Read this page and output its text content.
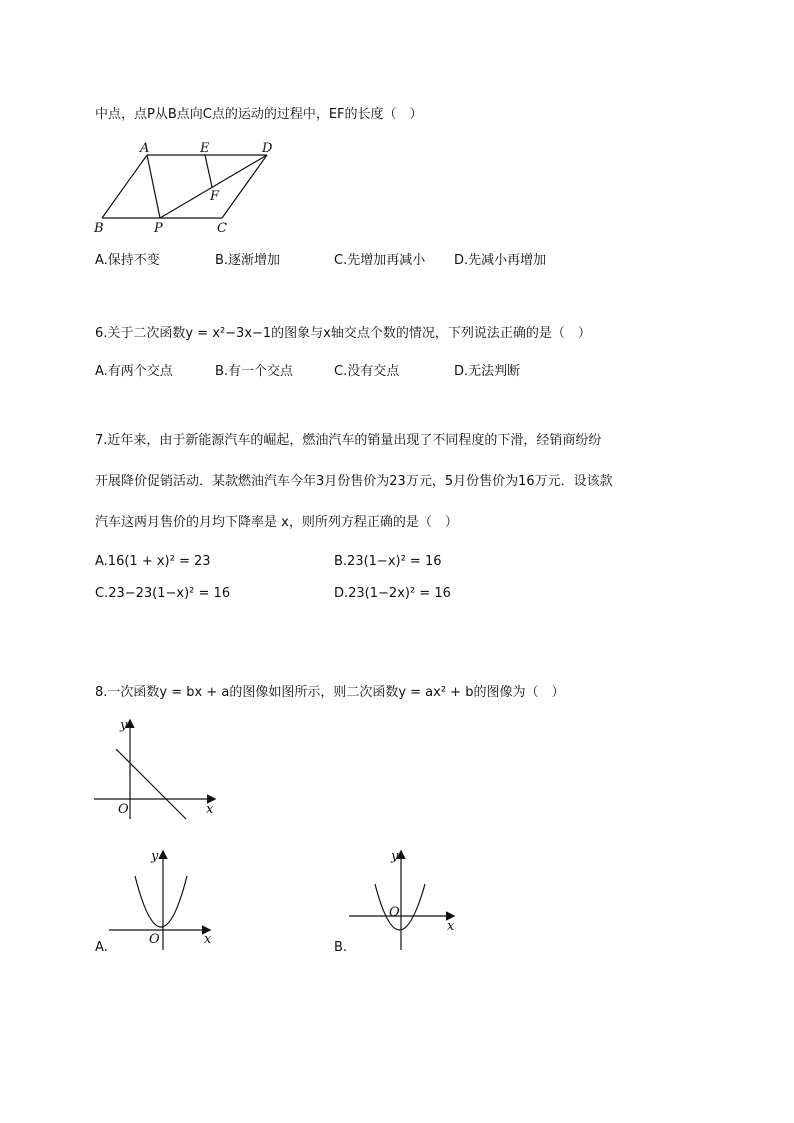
中点，点P从B点向C点的运动的过程中，EF的长度（　）
A	E	D
F
B	P	C
A.保持不变	B.逐渐增加	C.先增加再减小 D.先减小再增加
6.关于二次函数y = x²−3x−1的图象与x轴交点个数的情况，下列说法正确的是（　）
A.有两个交点	B.有一个交点	C.没有交点	D.无法判断
7.近年来，由于新能源汽车的崛起，燃油汽车的销量出现了不同程度的下滑，经销商纷纷
开展降价促销活动．某款燃油汽车今年3月份售价为23万元，5月份售价为16万元．设该款
汽车这两月售价的月均下降率是 x，则所列方程正确的是（　）
A.16(1 + x)² = 23	B.23(1−x)² = 16
C.23−23(1−x)² = 16	D.23(1−2x)² = 16
8.一次函数y = bx + a的图像如图所示，则二次函数y = ax² + b的图像为（　）
y
x
O
y
x
O
A.
y
x
O
B.
